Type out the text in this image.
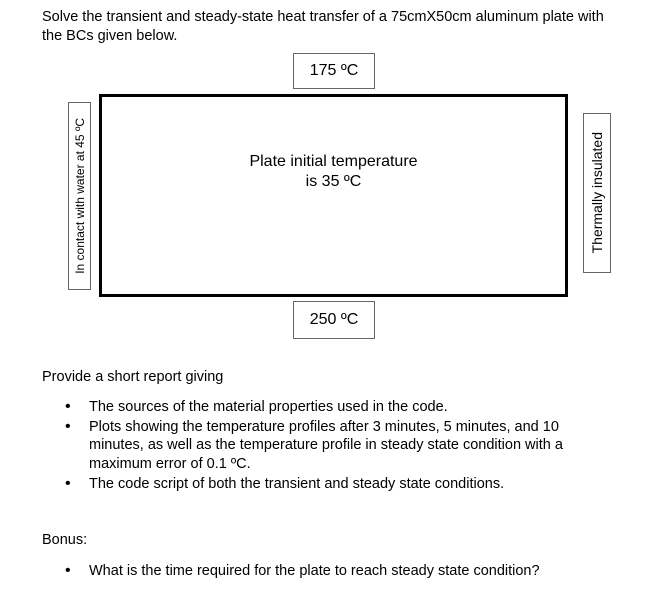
Solve the transient and steady-state heat transfer of a 75cmX50cm aluminum plate with
the BCs given below.
175 ºC
Plate initial temperature
is 35 ºC
250 ºC
In contact with water at 45 ºC	Thermally insulated
Provide a short report giving
• The sources of the material properties used in the code.
• Plots showing the temperature profiles after 3 minutes, 5 minutes, and 10 minutes, as well as the temperature profile in steady state condition with a maximum error of 0.1 ºC.
• The code script of both the transient and steady state conditions.
Bonus:
• What is the time required for the plate to reach steady state condition?
